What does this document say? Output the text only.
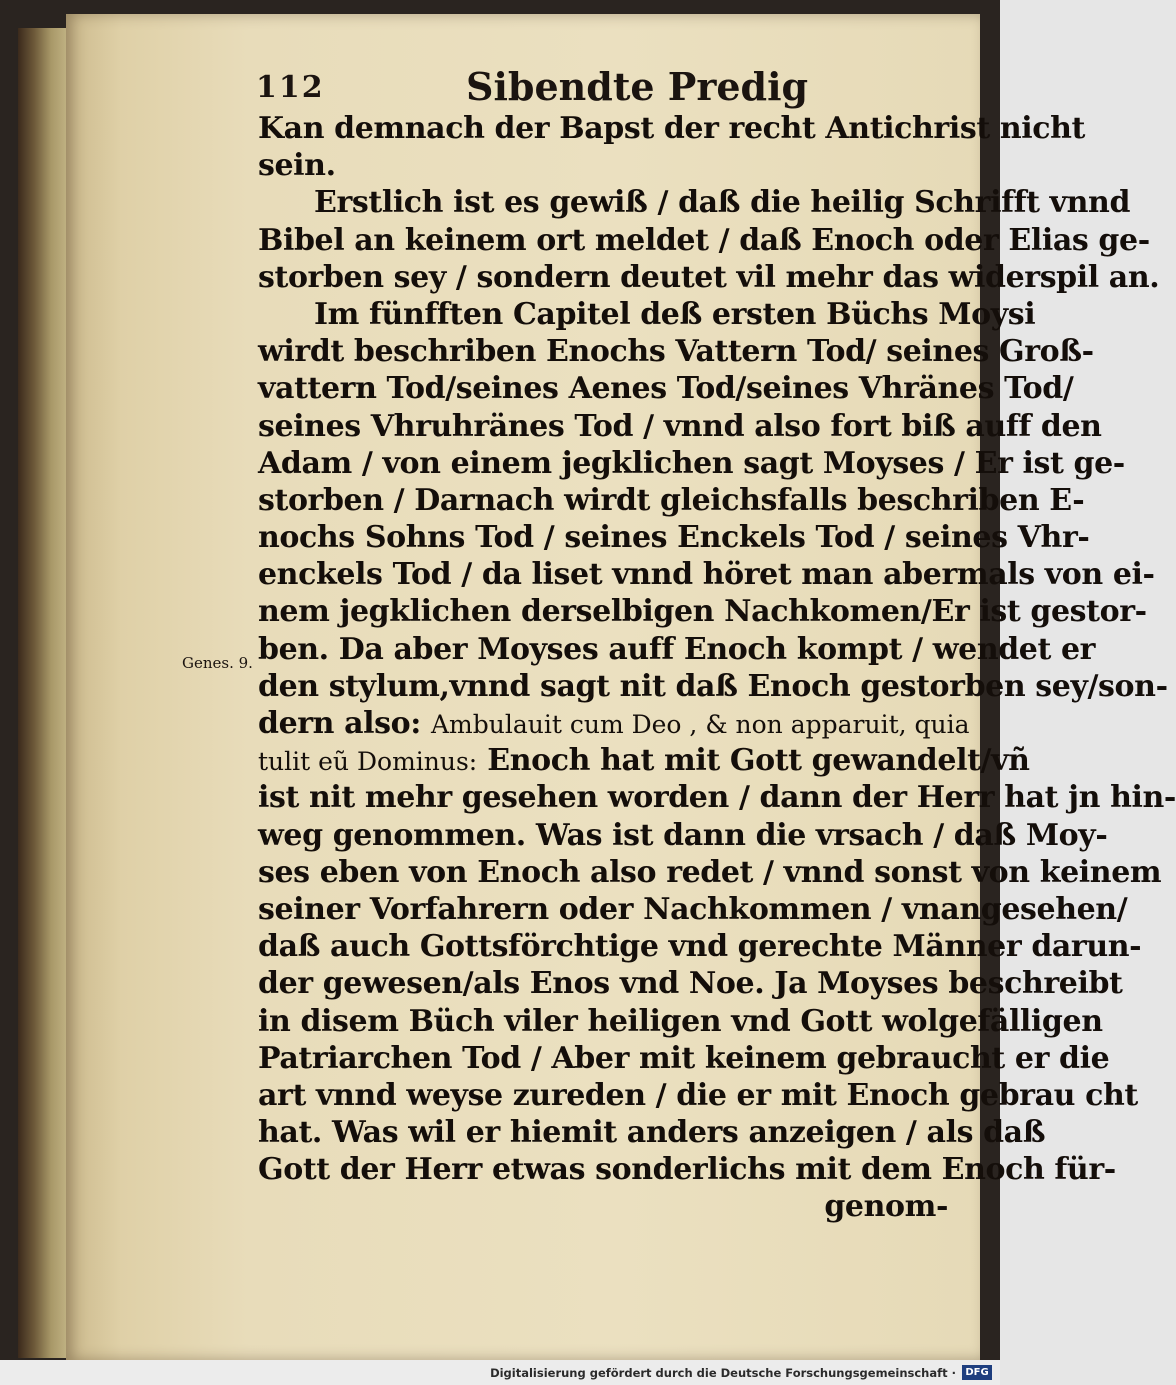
112	Sibendte Predig
Genes. 9.
Kan demnach der Bapst der recht Antichrist nicht
sein.
Erstlich ist es gewiß / daß die heilig Schrifft vnnd
Bibel an keinem ort meldet / daß Enoch oder Elias ge-
storben sey / sondern deutet vil mehr das widerspil an.
Im fünfften Capitel deß ersten Büchs Moysi
wirdt beschriben Enochs Vattern Tod/ seines Groß-
vattern Tod/seines Aenes Tod/seines Vhränes Tod/
seines Vhruhränes Tod / vnnd also fort biß auff den
Adam / von einem jegklichen sagt Moyses / Er ist ge-
storben / Darnach wirdt gleichsfalls beschriben E-
nochs Sohns Tod / seines Enckels Tod / seines Vhr-
enckels Tod / da liset vnnd höret man abermals von ei-
nem jegklichen derselbigen Nachkomen/Er ist gestor-
ben. Da aber Moyses auff Enoch kompt / wendet er
den stylum,vnnd sagt nit daß Enoch gestorben sey/son-
dern also: Ambulauit cum Deo , & non apparuit, quia
tulit eũ Dominus: Enoch hat mit Gott gewandelt/vñ
ist nit mehr gesehen worden / dann der Herr hat jn hin-
weg genommen. Was ist dann die vrsach / daß Moy-
ses eben von Enoch also redet / vnnd sonst von keinem
seiner Vorfahrern oder Nachkommen / vnangesehen/
daß auch Gottsförchtige vnd gerechte Männer darun-
der gewesen/als Enos vnd Noe. Ja Moyses beschreibt
in disem Büch viler heiligen vnd Gott wolgefälligen
Patriarchen Tod / Aber mit keinem gebraucht er die
art vnnd weyse zureden / die er mit Enoch gebrau cht
hat. Was wil er hiemit anders anzeigen / als daß
Gott der Herr etwas sonderlichs mit dem Enoch für-
genom-
Digitalisierung gefördert durch die Deutsche Forschungsgemeinschaft · DFG
